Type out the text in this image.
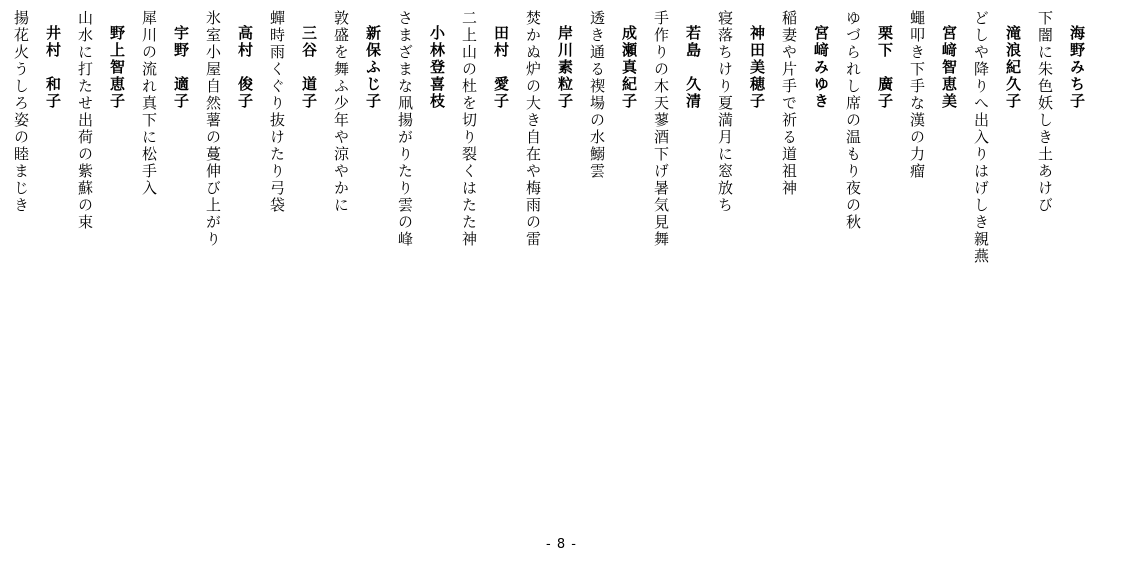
海野みち子
下闇に朱色妖しき土あけび
滝浪紀久子
どしや降りへ出入りはげしき親燕
宮﨑智恵美
蠅叩き下手な漢の力瘤
栗下　廣子
ゆづられし席の温もり夜の秋
宮﨑みゆき
稲妻や片手で祈る道祖神
神田美穂子
寝落ちけり夏満月に窓放ち
若島　久清
手作りの木天蓼酒下げ暑気見舞
成瀬真紀子
透き通る禊場の水鰯雲
岸川素粒子
焚かぬ炉の大き自在や梅雨の雷
田村　愛子
二上山の杜を切り裂くはたた神
小林登喜枝
さまざまな凧揚がりたり雲の峰
新保ふじ子
敦盛を舞ふ少年や涼やかに
三谷　道子
蟬時雨くぐり抜けたり弓袋
高村　俊子
氷室小屋自然薯の蔓伸び上がり
宇野　適子
犀川の流れ真下に松手入
野上智恵子
山水に打たせ出荷の紫蘇の束
井村　和子
揚花火うしろ姿の睦まじき
- 8 -
